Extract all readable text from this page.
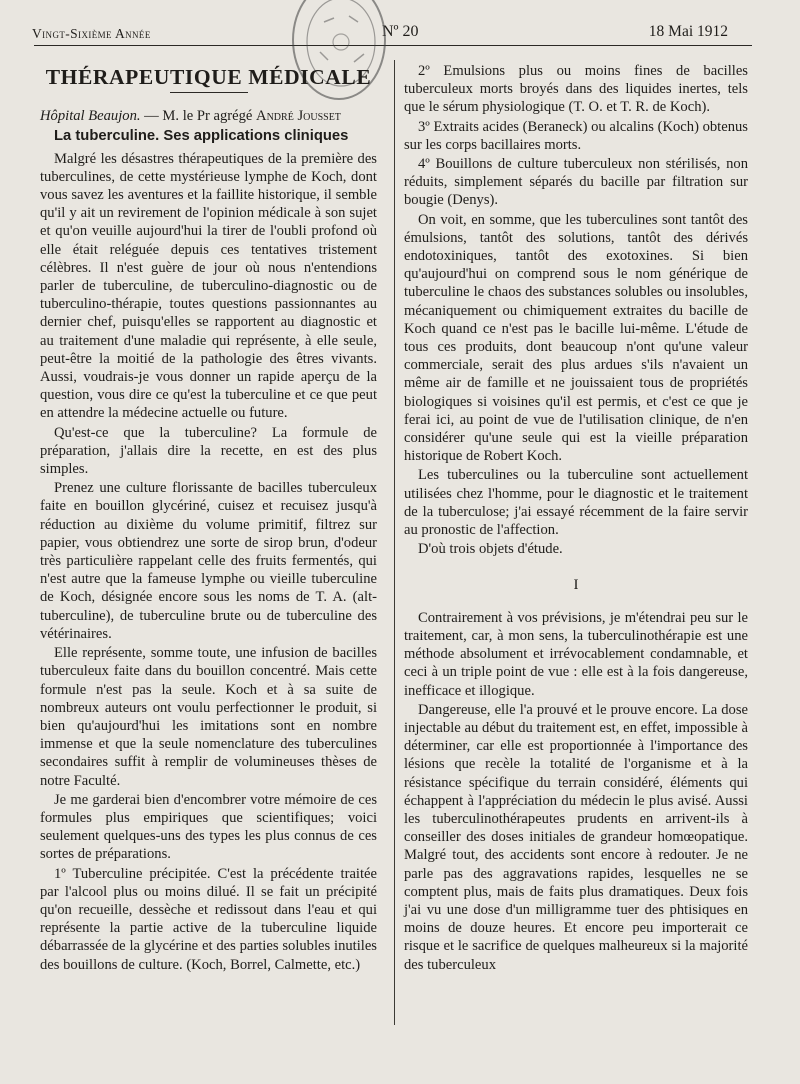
Vingt-Sixième Année	Nº 20	18 Mai 1912
THÉRAPEUTIQUE MÉDICALE

Hôpital Beaujon. — M. le Pr agrégé André Jousset

La tuberculine. Ses applications cliniques

Malgré les désastres thérapeutiques de la première des tuberculines, de cette mystérieuse lymphe de Koch, dont vous savez les aventures et la faillite historique, il semble qu'il y ait un revirement de l'opinion médicale à son sujet et qu'on veuille aujourd'hui la tirer de l'oubli profond où elle était reléguée depuis ces tentatives tristement célèbres. Il n'est guère de jour où nous n'entendions parler de tuberculine, de tuberculino-diagnostic ou de tuberculino-thérapie, toutes questions passionnantes au dernier chef, puisqu'elles se rapportent au diagnostic et au traitement d'une maladie qui représente, à elle seule, peut-être la moitié de la pathologie des êtres vivants. Aussi, voudrais-je vous donner un rapide aperçu de la question, vous dire ce qu'est la tuberculine et ce que peut en attendre la médecine actuelle ou future.

Qu'est-ce que la tuberculine? La formule de préparation, j'allais dire la recette, en est des plus simples.

Prenez une culture florissante de bacilles tuberculeux faite en bouillon glycériné, cuisez et recuisez jusqu'à réduction au dixième du volume primitif, filtrez sur papier, vous obtiendrez une sorte de sirop brun, d'odeur très particulière rappelant celle des fruits fermentés, qui n'est autre que la fameuse lymphe ou vieille tuberculine de Koch, désignée encore sous les noms de T. A. (alt-tuberculine), de tuberculine brute ou de tuberculine des vétérinaires.

Elle représente, somme toute, une infusion de bacilles tuberculeux faite dans du bouillon concentré. Mais cette formule n'est pas la seule. Koch et à sa suite de nombreux auteurs ont voulu perfectionner le produit, si bien qu'aujourd'hui les imitations sont en nombre immense et que la seule nomenclature des tuberculines secondaires suffit à remplir de volumineuses thèses de notre Faculté.

Je me garderai bien d'encombrer votre mémoire de ces formules plus empiriques que scientifiques; voici seulement quelques-uns des types les plus connus de ces sortes de préparations.

1º Tuberculine précipitée. C'est la précédente traitée par l'alcool plus ou moins dilué. Il se fait un précipité qu'on recueille, dessèche et redissout dans l'eau et qui représente la partie active de la tuberculine liquide débarrassée de la glycérine et des parties solubles inutiles des bouillons de culture. (Koch, Borrel, Calmette, etc.)

2º Emulsions plus ou moins fines de bacilles tuberculeux morts broyés dans des liquides inertes, tels que le sérum physiologique (T. O. et T. R. de Koch).

3º Extraits acides (Beraneck) ou alcalins (Koch) obtenus sur les corps bacillaires morts.

4º Bouillons de culture tuberculeux non stérilisés, non réduits, simplement séparés du bacille par filtration sur bougie (Denys).

On voit, en somme, que les tuberculines sont tantôt des émulsions, tantôt des solutions, tantôt des dérivés endotoxiniques, tantôt des exotoxines. Si bien qu'aujourd'hui on comprend sous le nom générique de tuberculine le chaos des substances solubles ou insolubles, mécaniquement ou chimiquement extraites du bacille de Koch quand ce n'est pas le bacille lui-même. L'étude de tous ces produits, dont beaucoup n'ont qu'une valeur commerciale, serait des plus ardues s'ils n'avaient un même air de famille et ne jouissaient tous de propriétés biologiques si voisines qu'il est permis, et c'est ce que je ferai ici, au point de vue de l'utilisation clinique, de n'en considérer qu'une seule qui est la vieille préparation historique de Robert Koch.

Les tuberculines ou la tuberculine sont actuellement utilisées chez l'homme, pour le diagnostic et le traitement de la tuberculose; j'ai essayé récemment de la faire servir au pronostic de l'affection.

D'où trois objets d'étude.

I

Contrairement à vos prévisions, je m'étendrai peu sur le traitement, car, à mon sens, la tuberculinothérapie est une méthode absolument et irrévocablement condamnable, et ceci à un triple point de vue : elle est à la fois dangereuse, inefficace et illogique.

Dangereuse, elle l'a prouvé et le prouve encore. La dose injectable au début du traitement est, en effet, impossible à déterminer, car elle est proportionnée à l'importance des lésions que recèle la totalité de l'organisme et à la résistance spécifique du terrain considéré, éléments qui échappent à l'appréciation du médecin le plus avisé. Aussi les tuberculinothérapeutes prudents en arrivent-ils à conseiller des doses initiales de grandeur homœopatique. Malgré tout, des accidents sont encore à redouter. Je ne parle pas des aggravations rapides, lesquelles ne se comptent plus, mais de faits plus dramatiques. Deux fois j'ai vu une dose d'un milligramme tuer des phtisiques en moins de douze heures. Et encore peu importerait ce risque et le sacrifice de quelques malheureux si la majorité des tuberculeux
